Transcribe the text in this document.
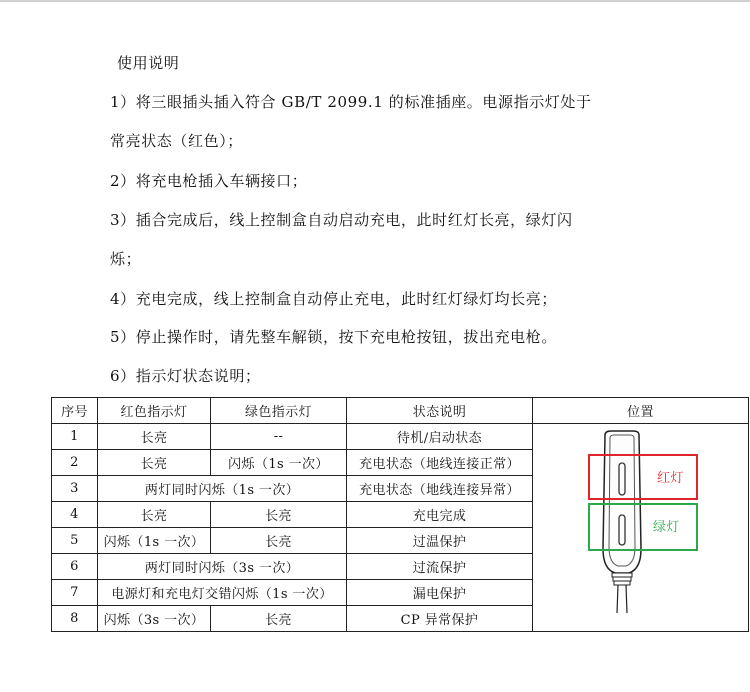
使用说明
1）将三眼插头插入符合 GB/T 2099.1 的标准插座。电源指示灯处于
常亮状态（红色）；
2）将充电枪插入车辆接口；
3）插合完成后，线上控制盒自动启动充电，此时红灯长亮，绿灯闪
烁；
4）充电完成，线上控制盒自动停止充电，此时红灯绿灯均长亮；
5）停止操作时，请先整车解锁，按下充电枪按钮，拔出充电枪。
6）指示灯状态说明；
序号	红色指示灯	绿色指示灯	状态说明	位置
1	长亮	--	待机/启动状态	红灯
绿灯

2	长亮	闪烁（1s 一次）	充电状态（地线连接正常）	
3	两灯同时闪烁（1s 一次）		充电状态（地线连接异常）	
4	长亮	长亮	充电完成	
5	闪烁（1s 一次）	长亮	过温保护	
6	两灯同时闪烁（3s 一次）		过流保护	
7	电源灯和充电灯交错闪烁（1s 一次）		漏电保护	
8	闪烁（3s 一次）	长亮	CP 异常保护	
